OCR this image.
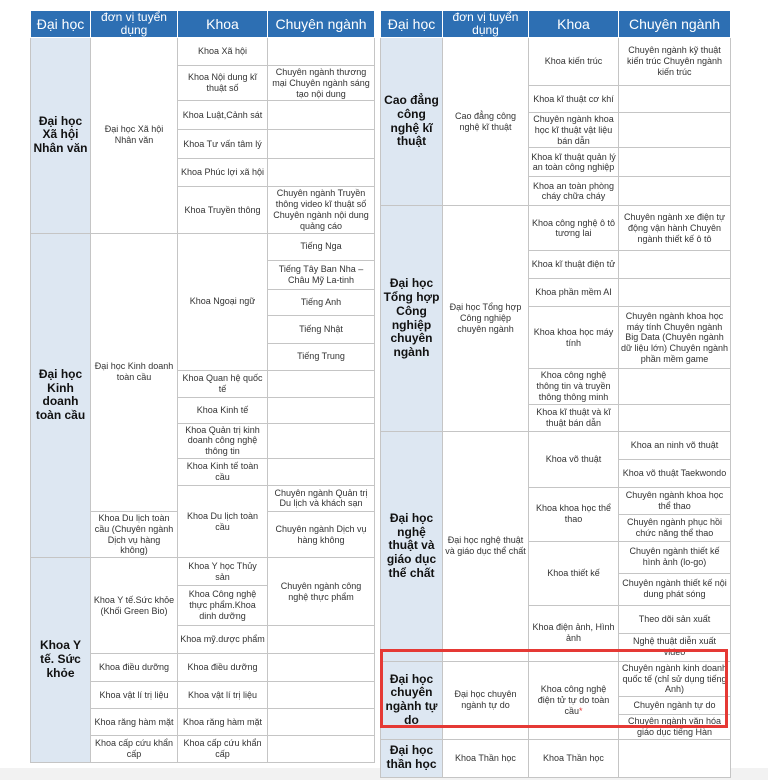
Đại học	đơn vị tuyển dụng	Khoa	Chuyên ngành
Đại học Xã hội Nhân văn	Đại học Xã hội Nhân văn	Khoa Xã hội	
		Khoa Nội dung kĩ thuật số	Chuyên ngành thương mại Chuyên ngành sáng tạo nội dung
		Khoa Luật,Cảnh sát	
		Khoa Tư vấn tâm lý	
		Khoa Phúc lợi xã hội	
		Khoa Truyền thông	Chuyên ngành Truyền thông video kĩ thuật số Chuyên ngành nội dung quảng cáo
Đại học Kinh doanh toàn cầu	Đại học Kinh doanh toàn cầu	Khoa Ngoại ngữ	Tiếng Nga
			Tiếng Tây Ban Nha – Châu Mỹ La-tinh
			Tiếng Anh
			Tiếng Nhật
			Tiếng Trung
		Khoa Quan hệ quốc tế	
		Khoa Kinh tế	
		Khoa Quản trị kinh doanh công nghệ thông tin	
		Khoa Kinh tế toàn cầu	
		Khoa Du lịch toàn cầu	Chuyên ngành Quản trị Du lịch và khách sạn
	Khoa Du lịch toàn cầu (Chuyên ngành Dịch vụ hàng không)		Chuyên ngành Dịch vụ hàng không
Khoa Y tế. Sức khỏe	Khoa Y tế.Sức khỏe (Khối Green Bio)	Khoa Y học Thủy sản	Chuyên ngành công nghệ thực phẩm
		Khoa Công nghệ thực phẩm.Khoa dinh dưỡng	
		Khoa mỹ.dược phẩm	
	Khoa điều dưỡng	Khoa điều dưỡng	
	Khoa vật lí trị liệu	Khoa vật lí trị liệu	
	Khoa răng hàm mặt	Khoa răng hàm mặt	
	Khoa cấp cứu khẩn cấp	Khoa cấp cứu khẩn cấp	
Đại học	đơn vị tuyển dụng	Khoa	Chuyên ngành
Cao đẳng công nghệ kĩ thuật	Cao đẳng công nghệ kĩ thuật	Khoa kiến trúc	Chuyên ngành kỹ thuật kiến trúc Chuyên ngành kiến trúc
		Khoa kĩ thuật cơ khí	
		Chuyên ngành khoa học kĩ thuật vật liệu bán dẫn	
		Khoa kĩ thuật quản lý an toàn công nghiệp	
		Khoa an toàn phòng cháy chữa cháy	
Đại học Tổng hợp Công nghiệp chuyên ngành	Đại học Tổng hợp Công nghiệp chuyên ngành	Khoa công nghệ ô tô tương lai	Chuyên ngành xe điện tự động vận hành Chuyên ngành thiết kế ô tô
		Khoa kĩ thuật điện tử	
		Khoa phần mềm AI	
		Khoa khoa học máy tính	Chuyên ngành khoa học máy tính Chuyên ngành Big Data (Chuyên ngành dữ liệu lớn) Chuyên ngành phần mềm game
		Khoa công nghệ thông tin và truyền thông thông minh	
		Khoa kĩ thuật và kĩ thuật bán dẫn	
Đại học nghệ thuật và giáo dục thể chất	Đại học nghệ thuật và giáo dục thể chất	Khoa võ thuật	Khoa an ninh võ thuật
			Khoa võ thuật Taekwondo
		Khoa khoa học thể thao	Chuyên ngành khoa học thể thao
			Chuyên ngành phục hồi chức năng thể thao
		Khoa thiết kế	Chuyên ngành thiết kế hình ảnh (lo-go)
			Chuyên ngành thiết kế nội dung phát sóng
		Khoa điện ảnh, Hình ảnh	Theo dõi sản xuất
			Nghệ thuật diễn xuất video
Đại học chuyên ngành tự do	Đại học chuyên ngành tự do	Khoa công nghệ điện tử tự do toàn cầu*	Chuyên ngành kinh doanh quốc tế (chỉ sử dụng tiếng Anh)
			Chuyên ngành tự do
			Chuyên ngành văn hóa giáo dục tiếng Hàn
Đại học thần học	Khoa Thần học	Khoa Thần học	
